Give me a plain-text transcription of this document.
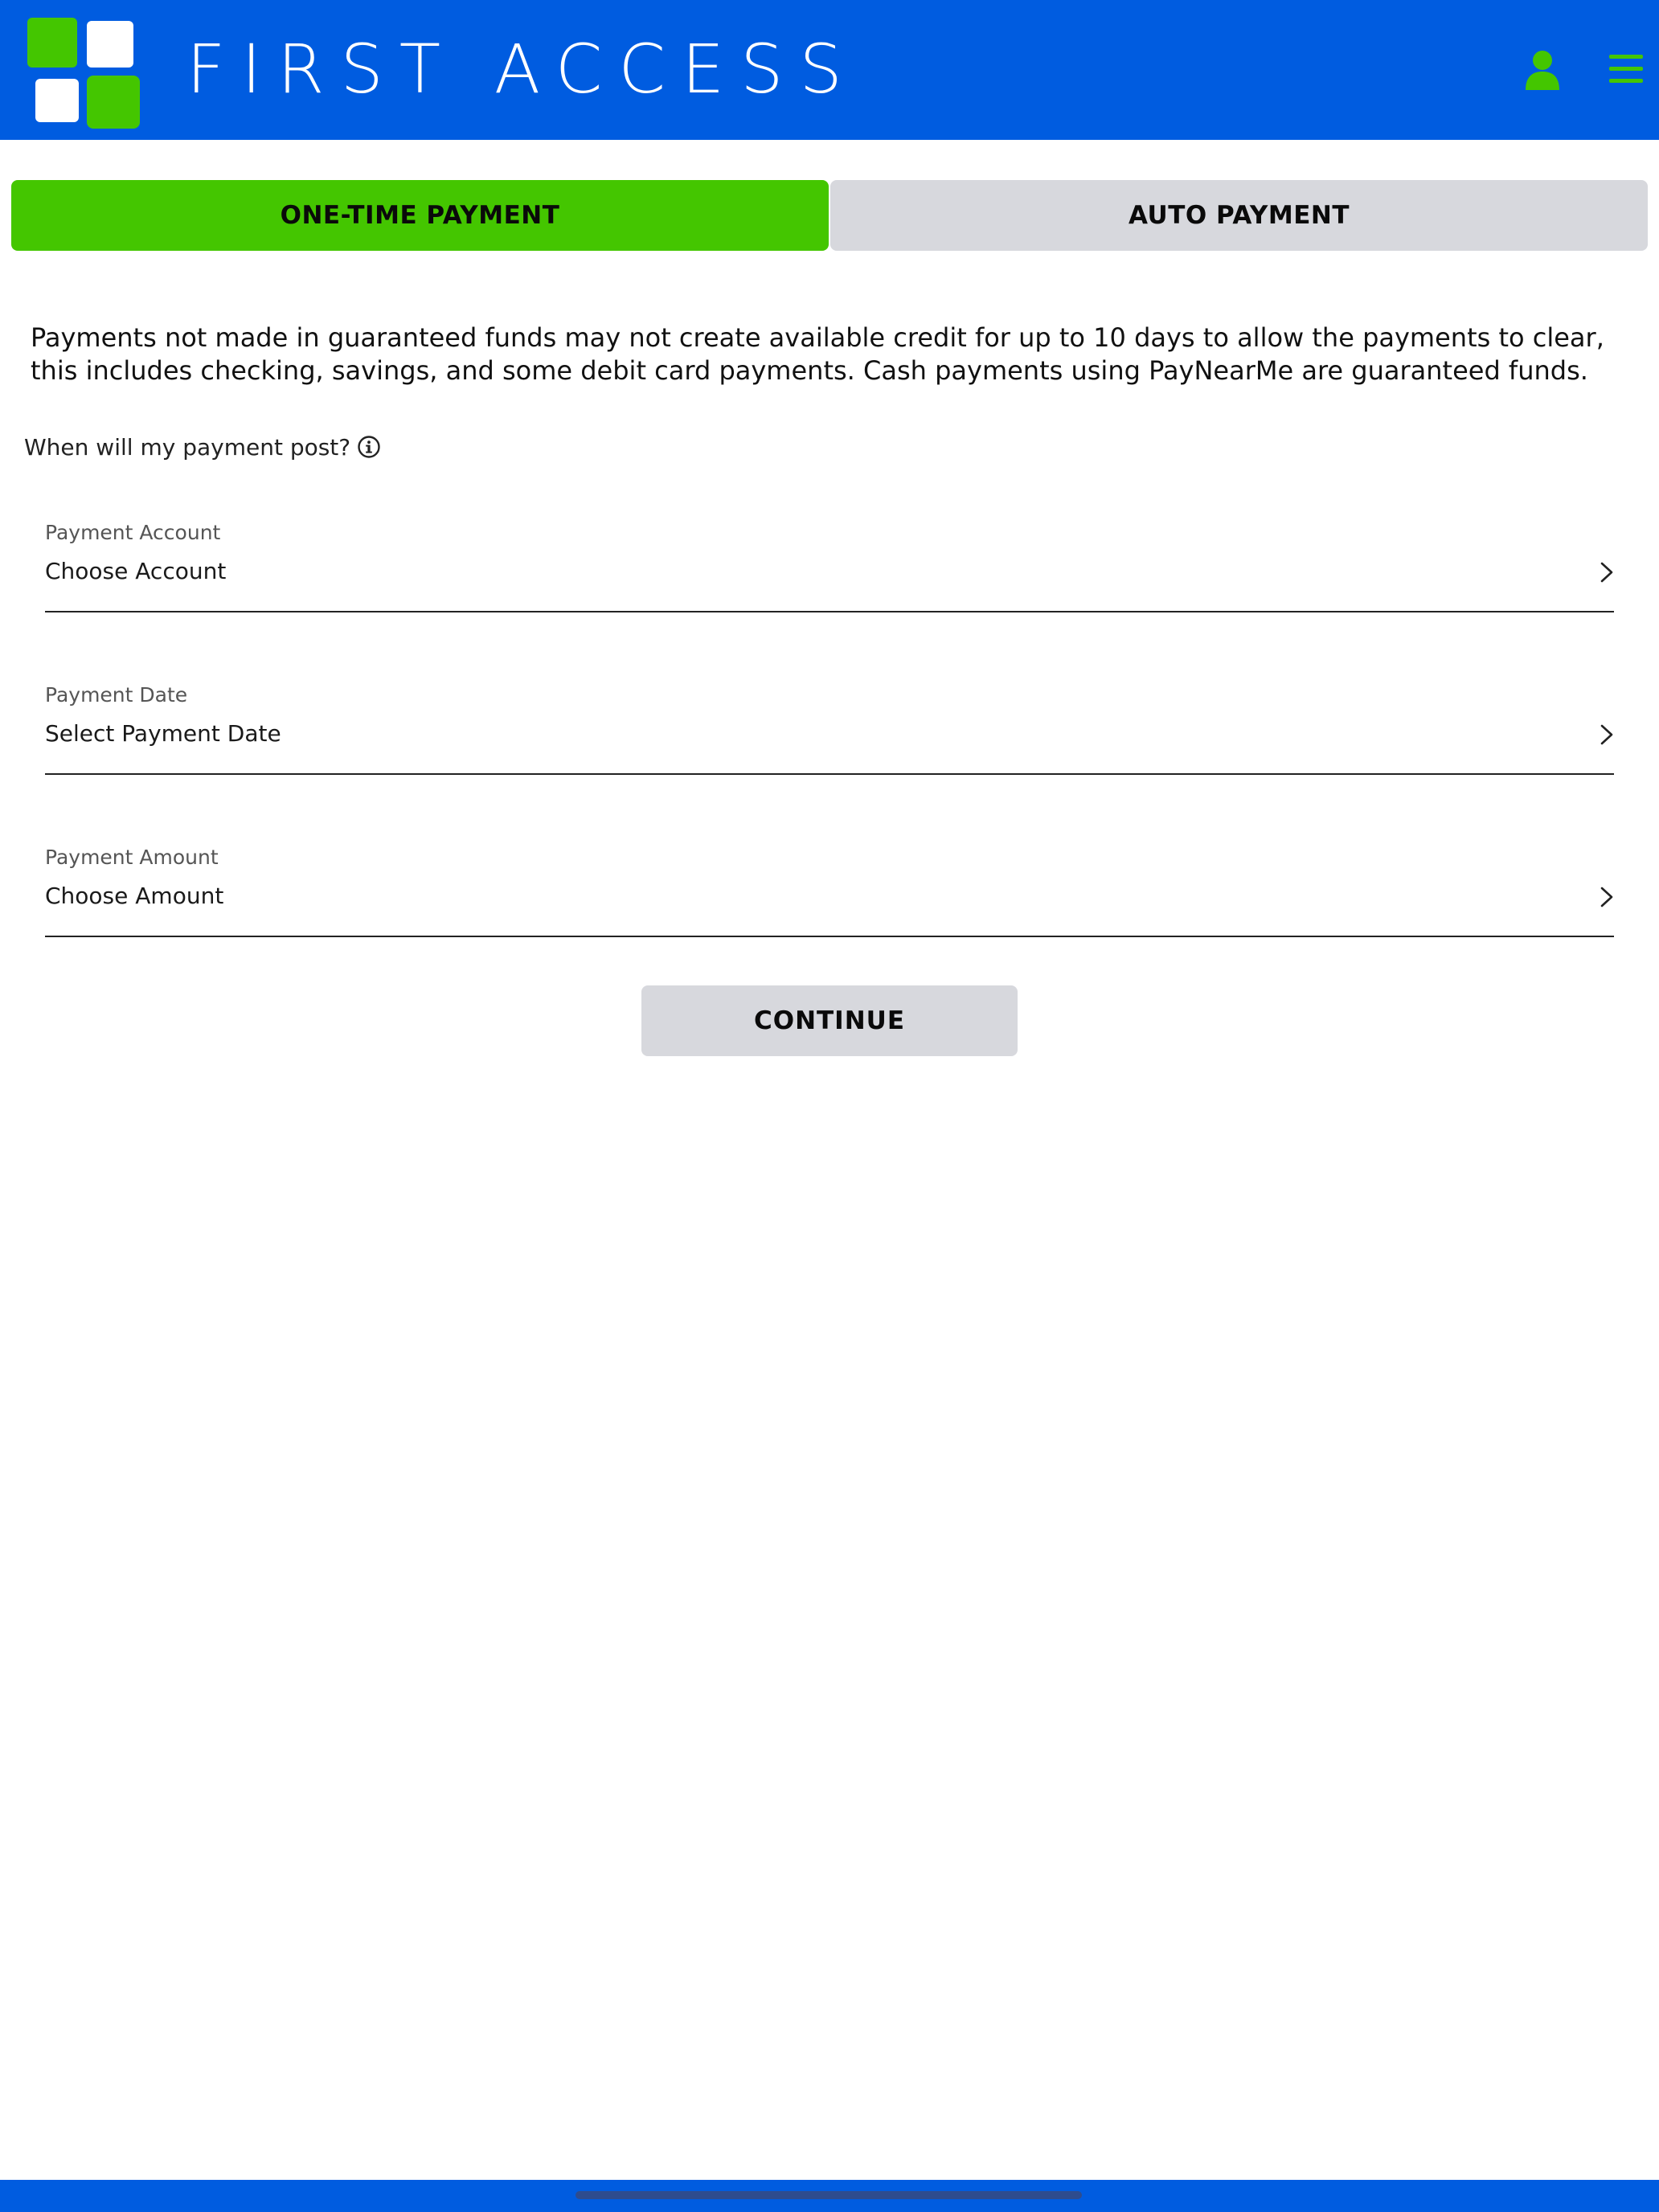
FIRST ACCESS
ONE-TIME PAYMENT	AUTO PAYMENT
Payments not made in guaranteed funds may not create available credit for up to 10 days to allow the payments to clear, this includes checking, savings, and some debit card payments. Cash payments using PayNearMe are guaranteed funds.
When will my payment post?
Payment Account
Choose Account
Payment Date
Select Payment Date
Payment Amount
Choose Amount
CONTINUE
